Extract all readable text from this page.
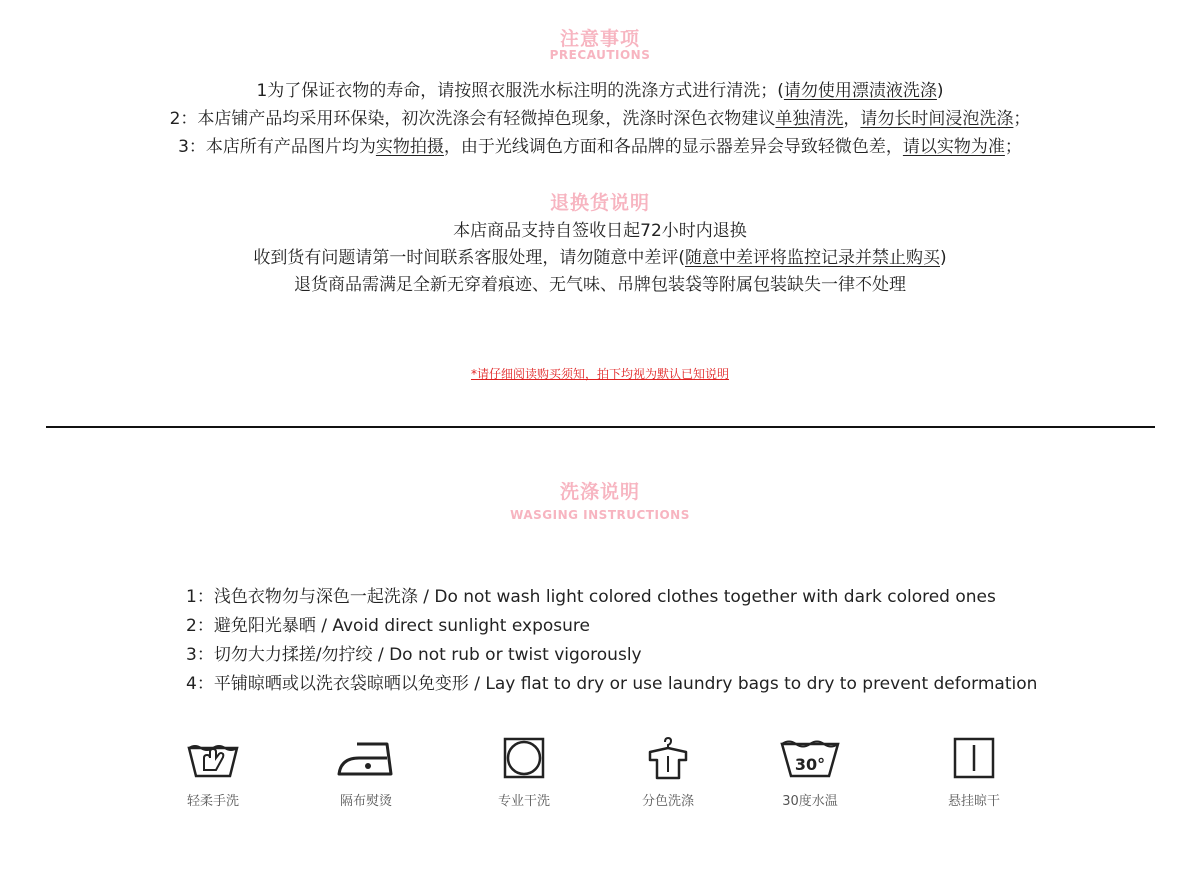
注意事项
PRECAUTIONS
1为了保证衣物的寿命，请按照衣服洗水标注明的洗涤方式进行清洗；(请勿使用漂渍液洗涤)
2：本店铺产品均采用环保染，初次洗涤会有轻微掉色现象，洗涤时深色衣物建议单独清洗，请勿长时间浸泡洗涤；
3：本店所有产品图片均为实物拍摄，由于光线调色方面和各品牌的显示器差异会导致轻微色差，请以实物为准；
退换货说明
本店商品支持自签收日起72小时内退换
收到货有问题请第一时间联系客服处理，请勿随意中差评(随意中差评将监控记录并禁止购买)
退货商品需满足全新无穿着痕迹、无气味、吊牌包装袋等附属包装缺失一律不处理
*请仔细阅读购买须知，拍下均视为默认已知说明
洗涤说明
WASGING INSTRUCTIONS
1：浅色衣物勿与深色一起洗涤 / Do not wash light colored clothes together with dark colored ones
2：避免阳光暴晒 / Avoid direct sunlight exposure
3：切勿大力揉搓/勿拧绞 / Do not rub or twist vigorously
4：平铺晾晒或以洗衣袋晾晒以免变形 / Lay flat to dry or use laundry bags to dry to prevent deformation
轻柔手洗	隔布熨烫	专业干洗	分色洗涤
30°
30度水温	悬挂晾干
